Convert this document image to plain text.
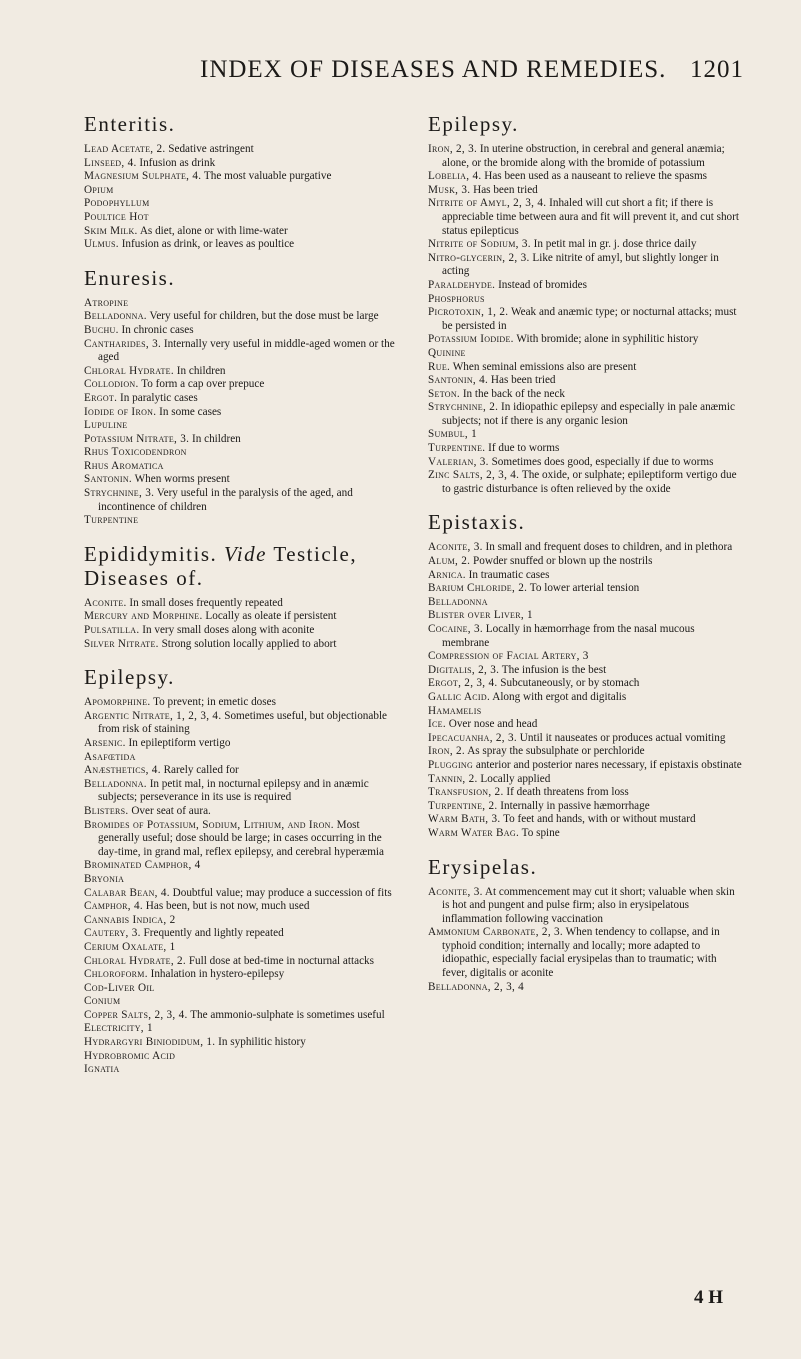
INDEX OF DISEASES AND REMEDIES. 1201
Enteritis.

Lead Acetate, 2. Sedative astringent

Linseed, 4. Infusion as drink

Magnesium Sulphate, 4. The most valuable purgative

Opium

Podophyllum

Poultice Hot

Skim Milk. As diet, alone or with lime-water

Ulmus. Infusion as drink, or leaves as poultice

Enuresis.

Atropine

Belladonna. Very useful for children, but the dose must be large

Buchu. In chronic cases

Cantharides, 3. Internally very useful in middle-aged women or the aged

Chloral Hydrate. In children

Collodion. To form a cap over prepuce

Ergot. In paralytic cases

Iodide of Iron. In some cases

Lupuline

Potassium Nitrate, 3. In children

Rhus Toxicodendron

Rhus Aromatica

Santonin. When worms present

Strychnine, 3. Very useful in the paralysis of the aged, and incontinence of children

Turpentine

Epididymitis. Vide Testicle, Diseases of.

Aconite. In small doses frequently repeated

Mercury and Morphine. Locally as oleate if persistent

Pulsatilla. In very small doses along with aconite

Silver Nitrate. Strong solution locally applied to abort

Epilepsy.

Apomorphine. To prevent; in emetic doses

Argentic Nitrate, 1, 2, 3, 4. Sometimes useful, but objectionable from risk of staining

Arsenic. In epileptiform vertigo

Asafœtida

Anæsthetics, 4. Rarely called for

Belladonna. In petit mal, in nocturnal epilepsy and in anæmic subjects; perseverance in its use is required

Blisters. Over seat of aura.

Bromides of Potassium, Sodium, Lithium, and Iron. Most generally useful; dose should be large; in cases occurring in the day-time, in grand mal, reflex epilepsy, and cerebral hyperæmia

Brominated Camphor, 4

Bryonia

Calabar Bean, 4. Doubtful value; may produce a succession of fits

Camphor, 4. Has been, but is not now, much used

Cannabis Indica, 2

Cautery, 3. Frequently and lightly repeated

Cerium Oxalate, 1

Chloral Hydrate, 2. Full dose at bed-time in nocturnal attacks

Chloroform. Inhalation in hystero-epilepsy

Cod-Liver Oil

Conium

Copper Salts, 2, 3, 4. The ammonio-sulphate is sometimes useful

Electricity, 1

Hydrargyri Biniodidum, 1. In syphilitic history

Hydrobromic Acid

Ignatia

Epilepsy.

Iron, 2, 3. In uterine obstruction, in cerebral and general anæmia; alone, or the bromide along with the bromide of potassium

Lobelia, 4. Has been used as a nauseant to relieve the spasms

Musk, 3. Has been tried

Nitrite of Amyl, 2, 3, 4. Inhaled will cut short a fit; if there is appreciable time between aura and fit will prevent it, and cut short status epilepticus

Nitrite of Sodium, 3. In petit mal in gr. j. dose thrice daily

Nitro-glycerin, 2, 3. Like nitrite of amyl, but slightly longer in acting

Paraldehyde. Instead of bromides

Phosphorus

Picrotoxin, 1, 2. Weak and anæmic type; or nocturnal attacks; must be persisted in

Potassium Iodide. With bromide; alone in syphilitic history

Quinine

Rue. When seminal emissions also are present

Santonin, 4. Has been tried

Seton. In the back of the neck

Strychnine, 2. In idiopathic epilepsy and especially in pale anæmic subjects; not if there is any organic lesion

Sumbul, 1

Turpentine. If due to worms

Valerian, 3. Sometimes does good, especially if due to worms

Zinc Salts, 2, 3, 4. The oxide, or sulphate; epileptiform vertigo due to gastric disturbance is often relieved by the oxide

Epistaxis.

Aconite, 3. In small and frequent doses to children, and in plethora

Alum, 2. Powder snuffed or blown up the nostrils

Arnica. In traumatic cases

Barium Chloride, 2. To lower arterial tension

Belladonna

Blister over Liver, 1

Cocaine, 3. Locally in hæmorrhage from the nasal mucous membrane

Compression of Facial Artery, 3

Digitalis, 2, 3. The infusion is the best

Ergot, 2, 3, 4. Subcutaneously, or by stomach

Gallic Acid. Along with ergot and digitalis

Hamamelis

Ice. Over nose and head

Ipecacuanha, 2, 3. Until it nauseates or produces actual vomiting

Iron, 2. As spray the subsulphate or perchloride

Plugging anterior and posterior nares necessary, if epistaxis obstinate

Tannin, 2. Locally applied

Transfusion, 2. If death threatens from loss

Turpentine, 2. Internally in passive hæmorrhage

Warm Bath, 3. To feet and hands, with or without mustard

Warm Water Bag. To spine

Erysipelas.

Aconite, 3. At commencement may cut it short; valuable when skin is hot and pungent and pulse firm; also in erysipelatous inflammation following vaccination

Ammonium Carbonate, 2, 3. When tendency to collapse, and in typhoid condition; internally and locally; more adapted to idiopathic, especially facial erysipelas than to traumatic; with fever, digitalis or aconite

Belladonna, 2, 3, 4

4 H
